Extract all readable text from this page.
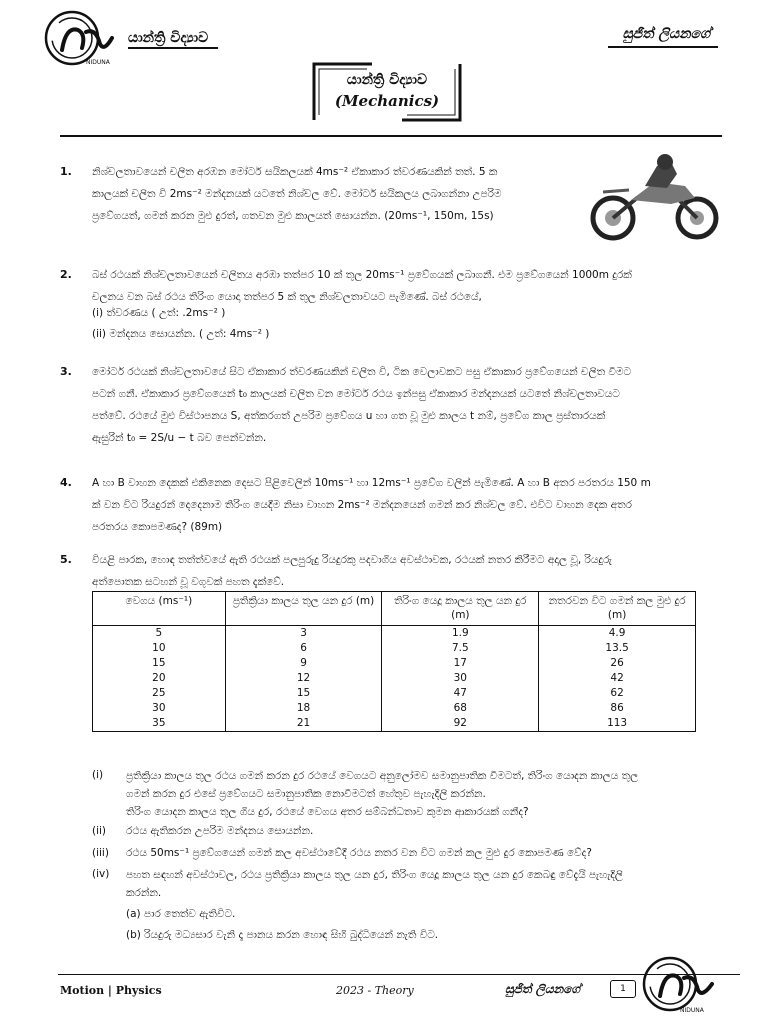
NIDUNA
යාන්ත්‍රි විද්‍යාව	සුජිත් ලියනගේ
යාන්ත්‍රි විද්‍යාව
(Mechanics)
1. නිශ්චලතාවයෙන් චලිත අරඹන මෝටර් සයිකලයක් 4ms⁻² ඒකාකාර ත්වරණයකින් තත්. 5 ක
කාලයක් චලිත වි 2ms⁻² මන්දනයක් යටතේ නිශ්චල වේ. මෝටර් සයිකලය ලබාගන්නා උපරිම
ප්‍රවේගයත්, ගමන් කරන මුළු දුරත්, ගතවන මුළු කාලයත් සොයන්න. (20ms⁻¹, 150m, 15s)
2. බස් රථයක් නිශ්චලතාවයෙන් චලිතය අරඹා තත්පර 10 ක් තුල 20ms⁻¹ ප්‍රවේගයක් ලබාගනී. එම ප්‍රවේගයෙන් 1000m දුරක්
චලනය වන බස් රථය තිරිංග යොදා තත්පර 5 ක් තුල නිශ්චලතාවයට පැමිණේ. බස් රථයේ,
(i) ත්වරණය ( උත්: .2ms⁻² )
(ii) මන්දනය සොයන්න. ( උත්: 4ms⁻² )
3. මෝටර් රථයක් නිශ්චලතාවයේ සිට ඒකාකාර ත්වරණයකින් චලිත වි, ටික වෙලාවකට පසු ඒකාකාර ප්‍රවේගයෙන් චලිත වීමට
පටන් ගනී. ඒකාකාර ප්‍රවේගයෙන් t₀ කාලයක් චලිත වන මෝටර් රථය ඉන්පසු ඒකාකාර මන්දනයක් යටතේ නිශ්චලතාවයට
පත්වේ. රථයේ මුළු විස්ථාපනය S, අත්කරගත් උපරිම ප්‍රවේගය u හා ගත වූ මුළු කාලය t නම්, ප්‍රවේග කාල ප්‍රස්තාරයක්
ඇසුරින් t₀ = 2S/u − t බව පෙන්වන්න.
4. A හා B වාහන දෙකක් එකිනෙක දෙසට පිළිවෙලින් 10ms⁻¹ හා 12ms⁻¹ ප්‍රවේග වලින් පැමිණේ. A හා B අතර පරතරය 150 m
ක් වන විට රියදුරන් දෙදෙනාම තිරිංග යෙදීම නිසා වාහන 2ms⁻² මන්දනයෙන් ගමන් කර නිශ්චල වේ. එවිට වාහන දෙක අතර
පරතරය කොපමණද? (89m)
5. වියළි පාරක, හොඳ තත්ත්වයේ ඇති රථයක් පලපුරුදු රියදුරකු පදවාගිය අවස්ථාවක, රථයක් නතර කිරීමට අදාල වූ, රියදුරු
අත්පොතක සටහන් වූ වගුවක් පහත දැක්වේ.
වෙගය (ms⁻¹)	ප්‍රතික්‍රියා කාලය තුල යන දුර (m)	තිරිංග යෙදූ කාලය තුල යන දුර (m)	නතරවන විට ගමන් කල මුළු දුර (m)
5	3	1.9	4.9
10	6	7.5	13.5
15	9	17	26
20	12	30	42
25	15	47	62
30	18	68	86
35	21	92	113
(i) ප්‍රතික්‍රියා කාලය තුල රථය ගමන් කරන දුර රථයේ වෙගයට අනුලෝමව සමානුපාතික වීමටත්, තිරිංග යොදන කාලය තුල
ගමන් කරන දුර එසේ ප්‍රවේගයට සමානුපාතික නොවීමටත් හේතුව පැහැදිලි කරන්න.
තිරිංග යොදන කාලය තුල ගිය දුර, රථයේ වෙගය අතර සම්බන්ධතාව කුමන ආකාරයක් ගනීද?
(ii) රථය ඇතිකරන උපරිම මන්දනය සොයන්න.
(iii) රථය 50ms⁻¹ ප්‍රවේගයෙන් ගමන් කල අවස්ථාවේදී රථය නතර වන විට ගමන් කල මුළු දුර කොපමණ වේද?
(iv) පහත සඳහන් අවස්ථාවල, රථය ප්‍රතික්‍රියා කාලය තුල යන දුර, තිරිංග යෙදූ කාලය තුල යන දුර කෙබඳු වේදැයි පැහැදිලි
කරන්න.
(a) පාර තෙත්ව ඇතිවිට.
(b) රියදුරු මධ්‍යසාර වැනි දෑ පානය කරන හොඳ සිහි බුද්ධියෙන් නැති විට.
Motion | Physics	2023 - Theory	සුජිත් ලියනගේ	1
NIDUNA
